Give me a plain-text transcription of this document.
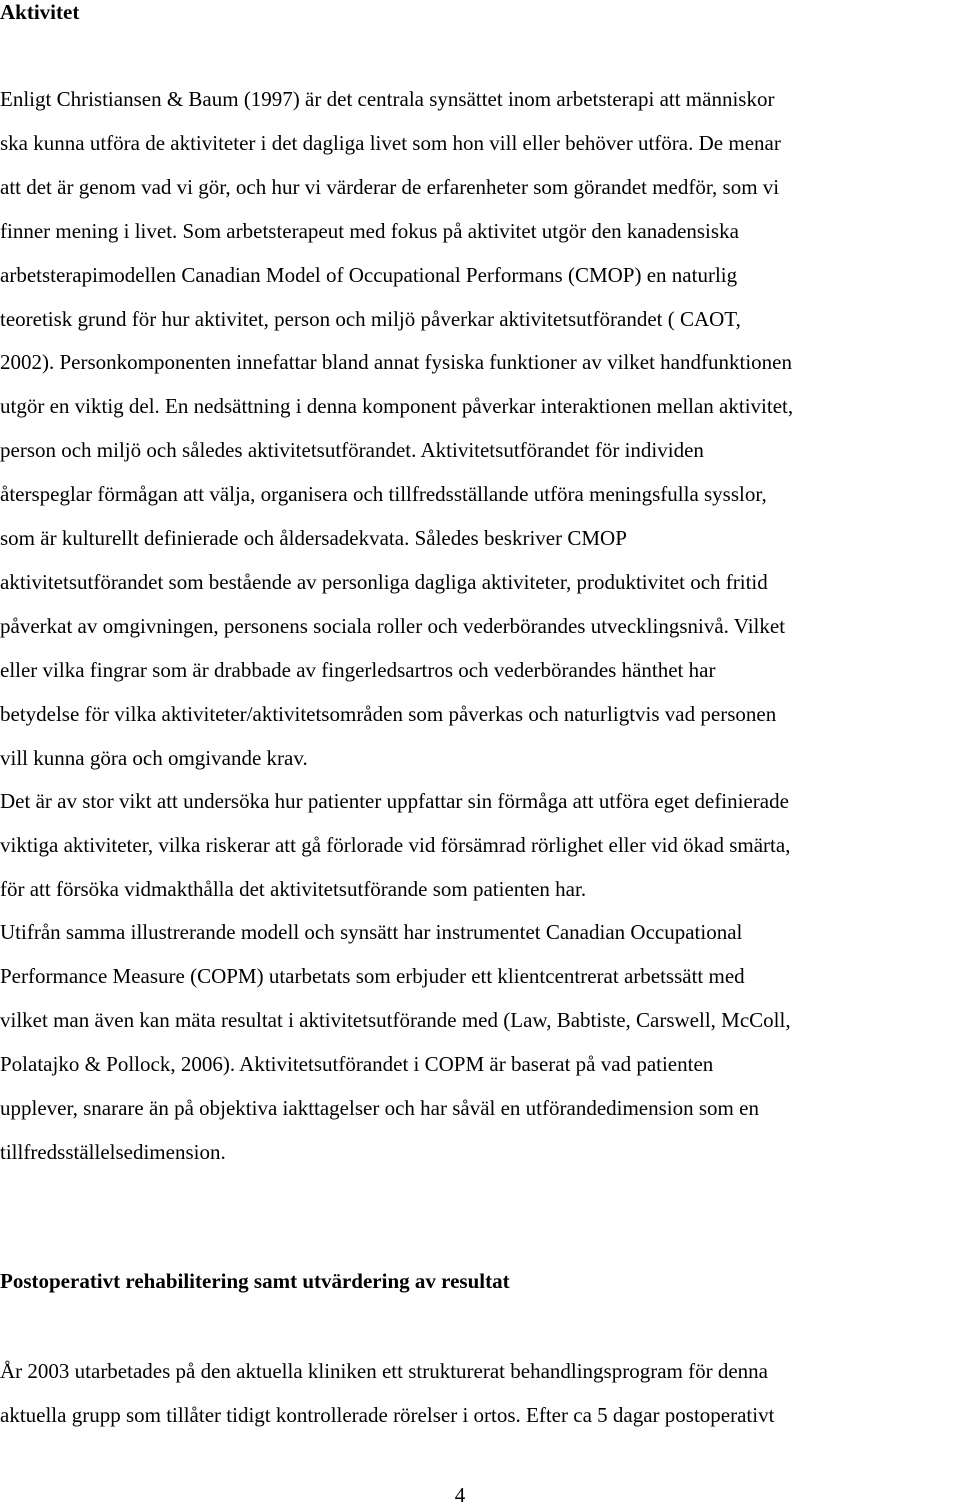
Aktivitet
Enligt Christiansen & Baum (1997) är det centrala synsättet inom arbetsterapi att människor
ska kunna utföra de aktiviteter i det dagliga livet som hon vill eller behöver utföra. De menar
att det är genom vad vi gör, och hur vi värderar de erfarenheter som görandet medför, som vi
finner mening i livet. Som arbetsterapeut med fokus på aktivitet utgör den kanadensiska
arbetsterapimodellen Canadian Model of Occupational Performans (CMOP) en naturlig
teoretisk grund för hur aktivitet, person och miljö påverkar aktivitetsutförandet ( CAOT,
2002). Personkomponenten innefattar bland annat fysiska funktioner av vilket handfunktionen
utgör en viktig del. En nedsättning i denna komponent påverkar interaktionen mellan aktivitet,
person och miljö och således aktivitetsutförandet. Aktivitetsutförandet för individen
återspeglar förmågan att välja, organisera och tillfredsställande utföra meningsfulla sysslor,
som är kulturellt definierade och åldersadekvata. Således beskriver CMOP
aktivitetsutförandet som bestående av personliga dagliga aktiviteter, produktivitet och fritid
påverkat av omgivningen, personens sociala roller och vederbörandes utvecklingsnivå. Vilket
eller vilka fingrar som är drabbade av fingerledsartros och vederbörandes hänthet har
betydelse för vilka aktiviteter/aktivitetsområden som påverkas och naturligtvis vad personen
vill kunna göra och omgivande krav.
Det är av stor vikt att undersöka hur patienter uppfattar sin förmåga att utföra eget definierade
viktiga aktiviteter, vilka riskerar att gå förlorade vid försämrad rörlighet eller vid ökad smärta,
för att försöka vidmakthålla det aktivitetsutförande som patienten har.
Utifrån samma illustrerande modell och synsätt har instrumentet Canadian Occupational
Performance Measure (COPM) utarbetats som erbjuder ett klientcentrerat arbetssätt med
vilket man även kan mäta resultat i aktivitetsutförande med (Law, Babtiste, Carswell, McColl,
Polatajko & Pollock, 2006). Aktivitetsutförandet i COPM är baserat på vad patienten
upplever, snarare än på objektiva iakttagelser och har såväl en utförandedimension som en
tillfredsställelsedimension.
Postoperativt rehabilitering samt utvärdering av resultat
År 2003 utarbetades på den aktuella kliniken ett strukturerat behandlingsprogram för denna
aktuella grupp som tillåter tidigt kontrollerade rörelser i ortos. Efter ca 5 dagar postoperativt
4
